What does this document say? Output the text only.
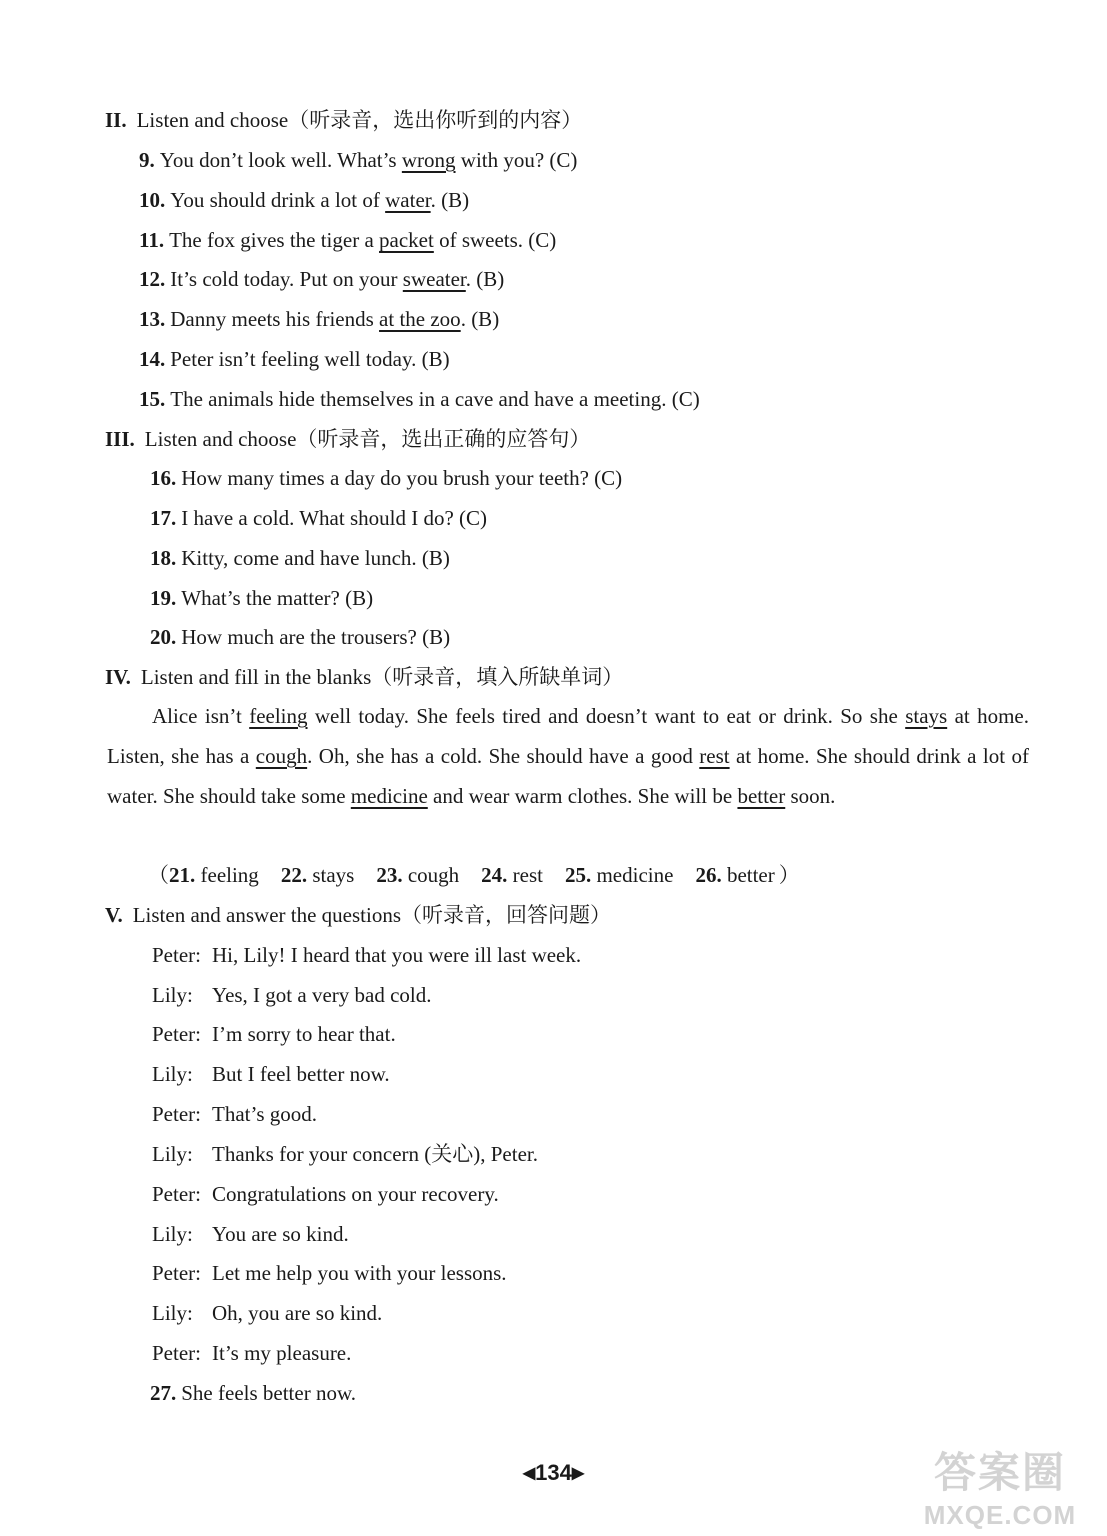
II. Listen and choose（听录音，选出你听到的内容）
9. You don’t look well. What’s wrong with you? (C)
10. You should drink a lot of water. (B)
11. The fox gives the tiger a packet of sweets. (C)
12. It’s cold today. Put on your sweater. (B)
13. Danny meets his friends at the zoo. (B)
14. Peter isn’t feeling well today. (B)
15. The animals hide themselves in a cave and have a meeting. (C)
III. Listen and choose（听录音，选出正确的应答句）
16. How many times a day do you brush your teeth? (C)
17. I have a cold. What should I do? (C)
18. Kitty, come and have lunch. (B)
19. What’s the matter? (B)
20. How much are the trousers? (B)
IV. Listen and fill in the blanks（听录音，填入所缺单词）
Alice isn’t feeling well today. She feels tired and doesn’t want to eat or drink. So she stays at home. Listen, she has a cough. Oh, she has a cold. She should have a good rest at home. She should drink a lot of water. She should take some medicine and wear warm clothes. She will be better soon.
（21. feeling 22. stays 23. cough 24. rest 25. medicine 26. better ）
V. Listen and answer the questions（听录音，回答问题）
Peter: Hi, Lily! I heard that you were ill last week.
Lily: Yes, I got a very bad cold.
Peter: I’m sorry to hear that.
Lily: But I feel better now.
Peter: That’s good.
Lily: Thanks for your concern (关心), Peter.
Peter: Congratulations on your recovery.
Lily: You are so kind.
Peter: Let me help you with your lessons.
Lily: Oh, you are so kind.
Peter: It’s my pleasure.
27. She feels better now.
◀134▶	答案圈
MXQE.COM
